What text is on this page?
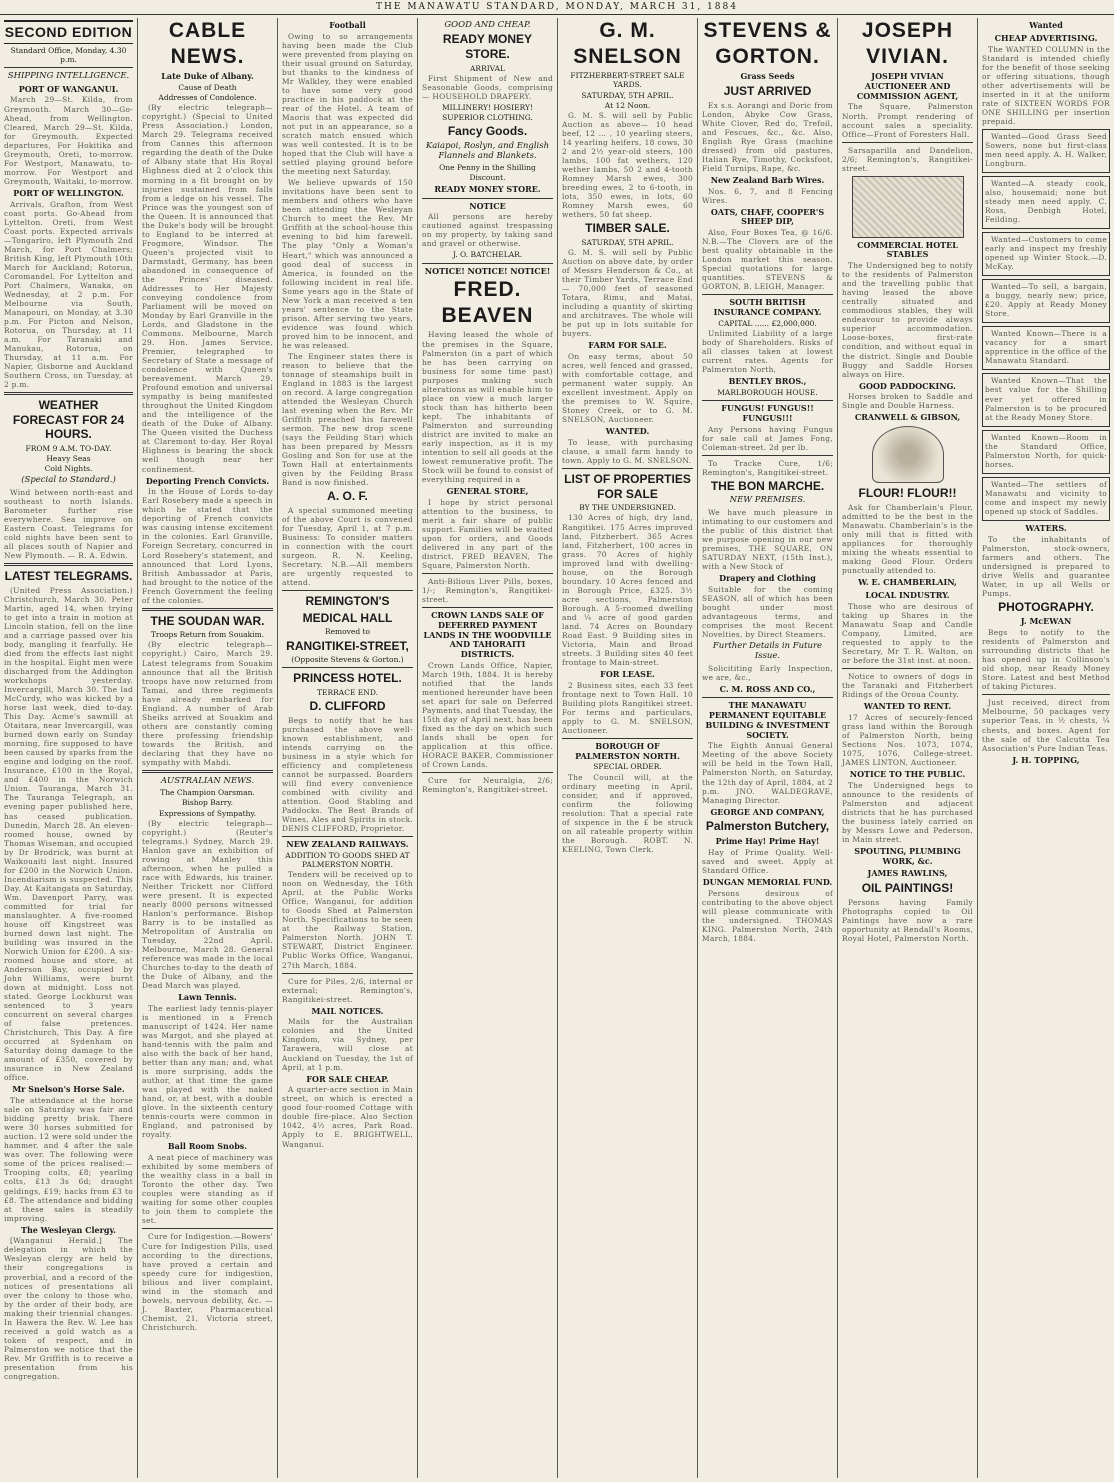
THE MANAWATU STANDARD, MONDAY, MARCH 31, 1884
SECOND EDITION
Standard Office, Monday, 4.30 p.m.
SHIPPING INTELLIGENCE.
PORT OF WANGANUI.

March 29—St. Kilda, from Greymouth. March 30—Go-Ahead, from Wellington. Cleared, March 29—St. Kilda, for Greymouth. Expected departures, For Hokitika and Greymouth, Oreti, to-morrow. For Westport, Manawatu, to-morrow. For Westport and Greymouth, Waitaki, to-morrow.

PORT OF WELLINGTON.

Arrivals, Grafton, from West coast ports. Go-Ahead from Lyttelton. Oreti, from West Coast ports. Expected arrivals—Tongariro, left Plymouth 2nd March, for Port Chalmers; British King, left Plymouth 10th March for Auckland; Rotorua, Coromandel. For Lyttelton and Port Chalmers, Wanaka, on Wednesday, at 2 p.m. For Melbourne via South, Manapouri, on Monday, at 3.30 p.m. For Picton and Nelson, Rotorua, on Thursday, at 11 a.m. For Taranaki and Manukau, Rotorua, on Thursday, at 11 a.m. For Napier, Gisborne and Auckland Southern Cross, on Tuesday, at 2 p.m.

WEATHER FORECAST FOR 24 HOURS.
FROM 9 A.M. TO-DAY.
Heavy Seas
Cold Nights.
(Special to Standard.)

Wind between north-east and southeast to north Islands. Barometer further rise everywhere. Sea improve on Eastern Coast. Telegrams for cold nights have been sent to all places south of Napier and New Plymouth. — R. A. Edwin.

LATEST TELEGRAMS.

(United Press Association.) Christchurch, March 30. Peter Martin, aged 14, when trying to get into a train in motion at Lincoln station, fell on the line and a carriage passed over his body, mangling it fearfully. He died from the effects last night in the hospital. Eight men were discharged from the Addington workshops yesterday. Invercargill, March 30. The lad McCurdy, who was kicked by a horse last week, died to-day. This Day. Acme's sawmill at Otaitara, near Invercargill, was burned down early on Sunday morning, fire supposed to have been caused by sparks from the engine and lodging on the roof. Insurance, £100 in the Royal, and £400 in the Norwich Union. Tauranga, March 31. The Tauranga Telegraph, an evening paper published here, has ceased publication. Dunedin, March 28. An eleven-roomed house, owned by Thomas Wiseman, and occupied by Dr Brodrick, was burnt at Waikouaiti last night. Insured for £200 in the Norwich Union. Incendiarism is suspected. This Day. At Kaitangata on Saturday, Wm. Davenport Parry, was committed for trial for manslaughter. A five-roomed house off Kingstreet was burned down last night. The building was insured in the Norwich Union for £200. A six-roomed house and store, at Anderson Bay, occupied by John Williams, were burnt down at midnight. Loss not stated. George Lockhurst was sentenced to 3 years concurrent on several charges of false pretences. Christchurch, This Day. A fire occurred at Sydenham on Saturday doing damage to the amount of £350, covered by insurance in New Zealand office.

Mr Snelson's Horse Sale.

The attendance at the horse sale on Saturday was fair and bidding pretty brisk. There were 30 horses submitted for auction. 12 were sold under the hammer, and 4 after the sale was over. The following were some of the prices realised:—Trooping colts, £8; yearling colts, £13 3s 6d; draught geldings, £19; hacks from £3 to £8. The attendance and bidding at these sales is steadily improving.

The Wesleyan Clergy.

[Wanganui Herald.] The delegation in which the Wesleyan clergy are held by their congregations is proverbial, and a record of the notices of presentations all over the colony to those who, by the order of their body, are making their triennial changes. In Hawera the Rev. W. Lee has received a gold watch as a token of respect, and in Palmerston we notice that the Rev. Mr Griffith is to receive a presentation from his congregation.

CABLE NEWS.
Late Duke of Albany.
Cause of Death
Addresses of Condolence.

(By electric telegraph—copyright.) (Special to United Press Association.) London, March 29. Telegrams received from Cannes this afternoon regarding the death of the Duke of Albany state that His Royal Highness died at 2 o'clock this morning in a fit brought on by injuries sustained from falls from a ledge on his vessel. The Prince was the youngest son of the Queen. It is announced that the Duke's body will be brought to England to be interred at Frogmore, Windsor. The Queen's projected visit to Darmstadt, Germany, has been abandoned in consequence of the Princes' diseased. Addresses to Her Majesty conveying condolence from Parliament will be moved on Monday by Earl Granville in the Lords, and Gladstone in the Commons. Melbourne, March 29. Hon. James Service, Premier, telegraphed to Secretary of State a message of condolence with Queen's bereavement. March 29. Profound emotion and universal sympathy is being manifested throughout the United Kingdom and the intelligence of the death of the Duke of Albany. The Queen visited the Duchess at Claremont to-day. Her Royal Highness is bearing the shock well though near her confinement.

Deporting French Convicts.

In the House of Lords to-day Earl Rosebery made a speech in which he stated that the deporting of French convicts was causing intense excitement in the colonies. Earl Granville, Foreign Secretary, concurred in Lord Rosebery's statement, and announced that Lord Lyons, British Ambassador at Paris, had brought to the notice of the French Government the feeling of the colonies.

THE SOUDAN WAR.
Troops Return from Souakim.

(By electric telegraph—copyright.) Cairo, March 29. Latest telegrams from Souakim announce that all the British troops have now returned from Tamai, and three regiments have already embarked for England. A number of Arab Sheiks arrived at Souakim and others are constantly coming there professing friendship towards the British, and declaring that they have no sympathy with Mahdi.

AUSTRALIAN NEWS.
The Champion Oarsman.
Bishop Barry.
Expressions of Sympathy.

(By electric telegraph—copyright.) (Reuter's telegrams.) Sydney, March 29. Hanlon gave an exhibition of rowing at Manley this afternoon, when he pulled a race with Edwards, his trainer. Neither Trickett nor Clifford were present. It is expected nearly 8000 persons witnessed Hanlon's performance. Bishop Barry is to be installed as Metropolitan of Australia on Tuesday, 22nd April. Melbourne, March 28. General reference was made in the local Churches to-day to the death of the Duke of Albany, and the Dead March was played.

Lawn Tennis.

The earliest lady tennis-player is mentioned in a French manuscript of 1424. Her name was Margot, and she played at hand-tennis with the palm and also with the back of her hand, better than any man; and, what is more surprising, adds the author, at that time the game was played with the naked hand, or, at best, with a double glove. In the sixteenth century tennis-courts were common in England, and patronised by royalty.

Ball Room Snobs.

A neat piece of machinery was exhibited by some members of the wealthy class in a ball in Toronto the other day. Two couples were standing as if waiting for some other couples to join them to complete the set.

Cure for Indigestion.—Bowers' Cure for Indigestion Pills, used according to the directions, have proved a certain and speedy cure for indigestion, bilious and liver complaint, wind in the stomach and bowels, nervous debility, &c. — J. Baxter, Pharmaceutical Chemist, 21, Victoria street, Christchurch.

Football

Owing to so arrangements having been made the Club were prevented from playing on their usual ground on Saturday, but thanks to the kindness of Mr Walkley, they were enabled to have some very good practice in his paddock at the rear of the Hotel. A team of Maoris that was expected did not put in an appearance, so a scratch match ensued which was well contested. It is to be hoped that the Club will have a settled playing ground before the meeting next Saturday.

We believe upwards of 150 invitations have been sent to members and others who have been attending the Wesleyan Church to meet the Rev. Mr Griffith at the school-house this evening to bid him farewell. The play "Only a Woman's Heart," which was announced a good deal of success in America, is founded on the following incident in real life. Some years ago in the State of New York a man received a ten years' sentence to the State prison. After serving two years, evidence was found which proved him to be innocent, and he was released.

The Engineer states there is reason to believe that the tonnage of steamships built in England in 1883 is the largest on record. A large congregation attended the Wesleyan Church last evening when the Rev. Mr Griffith preached his farewell sermon. The new drop scene (says the Feilding Star) which has been prepared by Messrs Gosling and Son for use at the Town Hall at entertainments given by the Feilding Brass Band is now finished.

A. O. F.

A special summoned meeting of the above Court is convened for Tuesday, April 1, at 7 p.m. Business: To consider matters in connection with the court surgeon. R. N. Keeling, Secretary. N.B.—All members are urgently requested to attend.

REMINGTON'S
MEDICAL HALL
Removed to
RANGITIKEI-STREET,
(Opposite Stevens & Gorton.)
PRINCESS HOTEL.
TERRACE END.
D. CLIFFORD

Begs to notify that he has purchased the above well-known establishment, and intends carrying on the business in a style which for efficiency and completeness cannot be surpassed. Boarders will find every convenience combined with civility and attention. Good Stabling and Paddocks. The Best Brands of Wines, Ales and Spirits in stock. DENIS CLIFFORD, Proprietor.

NEW ZEALAND RAILWAYS.
ADDITION TO GOODS SHED AT PALMERSTON NORTH.

Tenders will be received up to noon on Wednesday, the 16th April, at the Public Works Office, Wanganui, for addition to Goods Shed at Palmerston North. Specifications to be seen at the Railway Station, Palmerston North. JOHN T. STEWART, District Engineer. Public Works Office, Wanganui, 27th March, 1884.

Cure for Piles, 2/6, internal or external; Remington's, Rangitikei-street.

MAIL NOTICES.

Mails for the Australian colonies and the United Kingdom, via Sydney, per Tarawera, will close at Auckland on Tuesday, the 1st of April, at 1 p.m.

FOR SALE CHEAP.

A quarter-acre section in Main street, on which is erected a good four-roomed Cottage with double fire-place. Also Section 1042, 4½ acres, Park Road. Apply to E. BRIGHTWELL, Wanganui.

GOOD AND CHEAP.
READY MONEY STORE.
ARRIVAL

First Shipment of New and Seasonable Goods, comprising— HOUSEHOLD DRAPERY.

MILLINERY! HOSIERY!
SUPERIOR CLOTHING.
Fancy Goods.
Kaiapoi, Roslyn, and English Flannels and Blankets.
One Penny in the Shilling Discount.
READY MONEY STORE.
NOTICE

All persons are hereby cautioned against trespassing on my property, by taking sand and gravel or otherwise.

J. O. BATCHELAR.
NOTICE! NOTICE! NOTICE!
FRED. BEAVEN

Having leased the whole of the premises in the Square, Palmerston (in a part of which he has been carrying on business for some time past) purposes making such alterations as will enable him to place on view a much larger stock than has hitherto been kept. The inhabitants of Palmerston and surrounding district are invited to make an early inspection, as it is my intention to sell all goods at the lowest remunerative profit. The Stock will be found to consist of everything required in a

GENERAL STORE,

I hope by strict personal attention to the business, to merit a fair share of public support. Families will be waited upon for orders, and Goods delivered in any part of the district. FRED BEAVEN, The Square, Palmerston North.

Anti-Bilious Liver Pills, boxes, 1/-; Remington's, Rangitikei-street.

CROWN LANDS SALE OF DEFERRED PAYMENT LANDS IN THE WOODVILLE AND TAHORAITI DISTRICTS.

Crown Lands Office, Napier, March 19th, 1884. It is hereby notified that the lands mentioned hereunder have been set apart for sale on Deferred Payments, and that Tuesday, the 15th day of April next, has been fixed as the day on which such lands shall be open for application at this office. HORACE BAKER, Commissioner of Crown Lands.

Cure for Neuralgia, 2/6; Remington's, Rangitikei-street.

G. M. SNELSON
FITZHERBERT-STREET SALE YARDS.
SATURDAY, 5TH APRIL.
At 12 Noon.

G. M. S. will sell by Public Auction as above— 10 head beef, 12 … , 10 yearling steers, 14 yearling heifers, 18 cows, 30 2 and 2½ year-old steers, 100 lambs, 100 fat wethers, 120 wether lambs, 50 2 and 4-tooth Romney Marsh ewes, 300 breeding ewes, 2 to 6-tooth, in lots, 350 ewes, in lots, 60 Romney Marsh ewes, 60 wethers, 50 fat sheep.

TIMBER SALE.
SATURDAY, 5TH APRIL.

G. M. S. will sell by Public Auction on above date, by order of Messrs Henderson & Co., at their Timber Yards, Terrace End— 70,000 feet of seasoned Totara, Rimu, and Matai, including a quantity of skirting and architraves. The whole will be put up in lots suitable for buyers.

FARM FOR SALE.

On easy terms, about 50 acres, well fenced and grassed, with comfortable cottage, and permanent water supply. An excellent investment. Apply on the premises to W. Squire, Stoney Creek, or to G. M. SNELSON, Auctioneer.

WANTED.

To lease, with purchasing clause, a small farm handy to town. Apply to G. M. SNELSON.

LIST OF PROPERTIES FOR SALE
BY THE UNDERSIGNED.

130 Acres of high, dry land, Rangitikei. 175 Acres improved land, Fitzherbert. 365 Acres land, Fitzherbert, 100 acres in grass. 70 Acres of highly improved land with dwelling-house, on the Borough boundary. 10 Acres fenced and in Borough Price, £325. 3½ acre sections, Palmerston Borough. A 5-roomed dwelling and ¼ acre of good garden land. 74 Acres on Boundary Road East. 9 Building sites in Victoria, Main and Broad streets. 3 Building sites 40 feet frontage to Main-street.

FOR LEASE.

2 Business sites, each 33 feet frontage next to Town Hall. 10 Building plots Rangitikei street. For terms and particulars, apply to G. M. SNELSON, Auctioneer.

BOROUGH OF PALMERSTON NORTH.
SPECIAL ORDER.

The Council will, at the ordinary meeting in April, consider, and if approved, confirm the following resolution: That a special rate of sixpence in the £ be struck on all rateable property within the Borough. ROBT. N. KEELING, Town Clerk.

STEVENS & GORTON.
Grass Seeds
JUST ARRIVED

Ex s.s. Aorangi and Doric from London, Abyke Cow Grass, White Clover, Red do, Trefoil, and Fescues, &c., &c. Also, English Rye Grass (machine dressed) from old pastures, Italian Rye, Timothy, Cocksfoot, Field Turnips, Rape, &c.

New Zealand Barb Wires.

Nos. 6, 7, and 8 Fencing Wires.

OATS, CHAFF, COOPER'S SHEEP DIP,

Also, Four Boxes Tea, @ 16/6. N.B.—The Clovers are of the best quality obtainable in the London market this season. Special quotations for large quantities. STEVENS & GORTON, B. LEIGH, Manager.

SOUTH BRITISH INSURANCE COMPANY.
CAPITAL ...... £2,000,000.

Unlimited Liability of a large body of Shareholders. Risks of all classes taken at lowest current rates. Agents for Palmerston North,

BENTLEY BROS.,
MARLBOROUGH HOUSE.
FUNGUS! FUNGUS!! FUNGUS!!!

Any Persons having Fungus for sale call at James Fong, Coleman-street. 2d per lb.

To Tracke Cure, 1/6; Remington's, Rangitikei-street.

THE BON MARCHE.
NEW PREMISES.

We have much pleasure in intimating to our customers and the public of this district that we purpose opening in our new premises, THE SQUARE, ON SATURDAY NEXT, (15th Inst.), with a New Stock of

Drapery and Clothing

Suitable for the coming SEASON, all of which has been bought under most advantageous terms, and comprises the most Recent Novelties, by Direct Steamers.

Further Details in Future Issue.

Solicititing Early Inspection, we are, &c.,

C. M. ROSS AND CO.,
THE MANAWATU PERMANENT EQUITABLE BUILDING & INVESTMENT SOCIETY.

The Eighth Annual General Meeting of the above Society will be held in the Town Hall, Palmerston North, on Saturday, the 12th day of April, 1884, at 2 p.m. JNO. WALDEGRAVE, Managing Director.

GEORGE AND COMPANY,
Palmerston Butchery,
Prime Hay! Prime Hay!

Hay of Prime Quality. Well-saved and sweet. Apply at Standard Office.

DUNGAN MEMORIAL FUND.

Persons desirous of contributing to the above object will please communicate with the undersigned. THOMAS KING. Palmerston North, 24th March, 1884.

JOSEPH VIVIAN.
JOSEPH VIVIAN AUCTIONEER AND COMMISSION AGENT,

The Square, Palmerston North. Prompt rendering of account sales a speciality. Office—Front of Foresters Hall.

Sarsaparilla and Dandelion, 2/6; Remington's, Rangitikei-street.

COMMERCIAL HOTEL STABLES

The Undersigned beg to notify to the residents of Palmerston and the travelling public that having leased the above centrally situated and commodious stables, they will endeavour to provide always superior accommodation. Loose-boxes, first-rate condition, and without equal in the district. Single and Double Buggy and Saddle Horses always on Hire.

GOOD PADDOCKING.

Horses broken to Saddle and Single and Double Harness.

CRANWELL & GIBSON,
FLOUR! FLOUR!!

Ask for Chamberlain's Flour, admitted to be the best in the Manawatu. Chamberlain's is the only mill that is fitted with appliances for thoroughly mixing the wheats essential to making Good Flour. Orders punctually attended to.

W. E. CHAMBERLAIN,
LOCAL INDUSTRY.

Those who are desirous of taking up Shares in the Manawatu Soap and Candle Company, Limited, are requested to apply to the Secretary, Mr T. R. Walton, on or before the 31st inst. at noon.

Notice to owners of dogs in the Taranaki and Fitzherbert Ridings of the Oroua County.

WANTED TO RENT.

17 Acres of securely-fenced grass land within the Borough of Palmerston North, being Sections Nos. 1073, 1074, 1075, 1076, College-street. JAMES LINTON, Auctioneer.

NOTICE TO THE PUBLIC.

The Undersigned begs to announce to the residents of Palmerston and adjacent districts that he has purchased the business lately carried on by Messrs Lowe and Pederson, in Main street.

SPOUTING, PLUMBING WORK, &c.
JAMES RAWLINS,
OIL PAINTINGS!

Persons having Family Photographs copied to Oil Paintings have now a rare opportunity at Rendall's Rooms, Royal Hotel, Palmerston North.

Wanted
CHEAP ADVERTISING.

The WANTED COLUMN in the Standard is intended chiefly for the benefit of those seeking or offering situations, though other advertisements will be inserted in it at the uniform rate of SIXTEEN WORDS FOR ONE SHILLING per insertion prepaid.

Wanted—Good Grass Seed Sowers, none but first-class men need apply. A. H. Walker, Longburn.

Wanted—A steady cook, also, housemaid; none but steady men need apply. C. Ross, Denbigh Hotel, Feilding.

Wanted—Customers to come early and inspect my freshly opened up Winter Stock.—D. McKay.

Wanted—To sell, a bargain, a buggy, nearly new; price, £20. Apply at Ready Money Store.

Wanted Known—There is a vacancy for a smart apprentice in the office of the Manawatu Standard.

Wanted Known—That the best value for the Shilling ever yet offered in Palmerston is to be procured at the Ready Money Store.

Wanted Known—Room in the Standard Office, Palmerston North, for quick-horses.

Wanted—The settlers of Manawatu and vicinity to come and inspect my newly opened up stock of Saddles.

WATERS.

To the inhabitants of Palmerston, stock-owners, farmers and others. The undersigned is prepared to drive Wells and guarantee Water, in up all Wells or Pumps.

PHOTOGRAPHY.
J. McEWAN

Begs to notify to the residents of Palmerston and surrounding districts that he has opened up in Collinson's old shop, near Ready Money Store. Latest and best Method of taking Pictures.

Just received, direct from Melbourne, 50 packages very superior Teas, in ½ chests, ¼ chests, and boxes. Agent for the sale of the Calcutta Tea Association's Pure Indian Teas.

J. H. TOPPING,
